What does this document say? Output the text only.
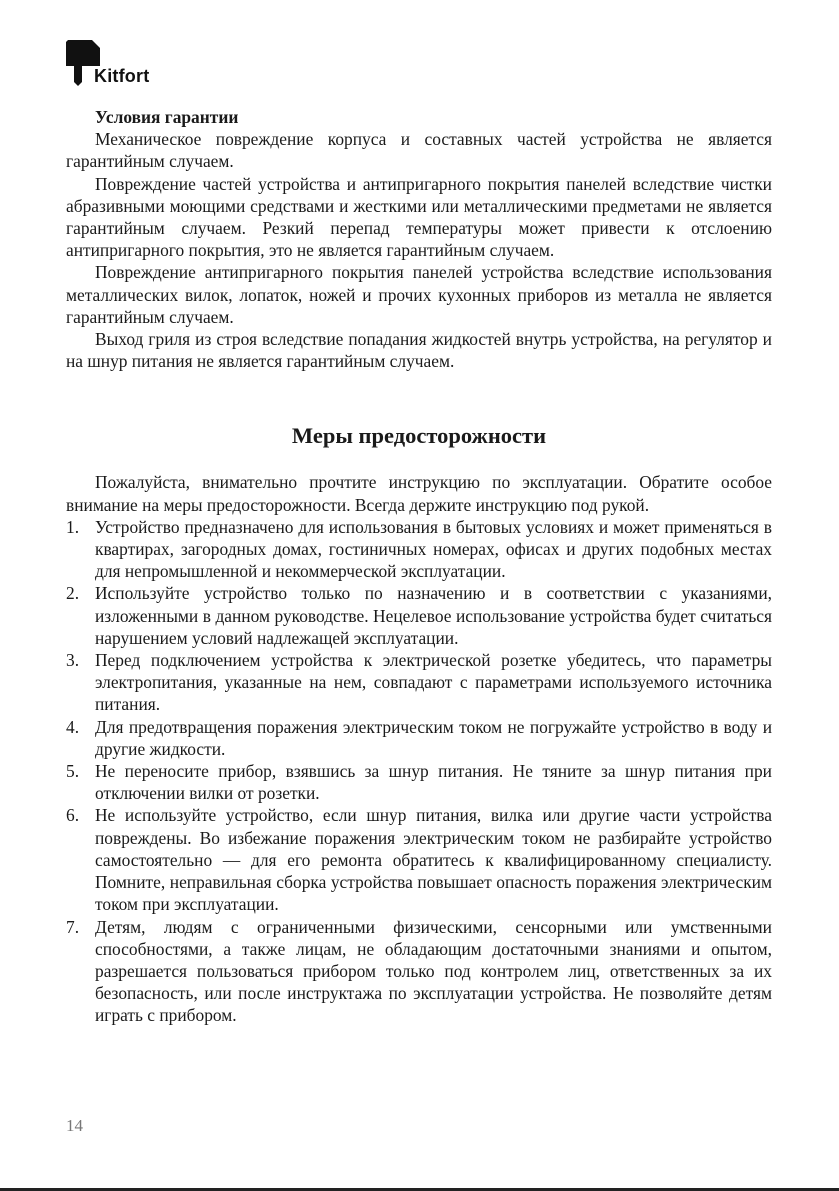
Kitfort

Условия гарантии

Механическое повреждение корпуса и составных частей устройства не является гарантийным случаем.

Повреждение частей устройства и антипригарного покрытия панелей вследствие чистки абразивными моющими средствами и жесткими или металлическими предметами не является гарантийным случаем. Резкий перепад температуры может привести к отслоению антипригарного покрытия, это не является гарантийным случаем.

Повреждение антипригарного покрытия панелей устройства вследствие использования металлических вилок, лопаток, ножей и прочих кухонных приборов из металла не является гарантийным случаем.

Выход гриля из строя вследствие попадания жидкостей внутрь устройства, на регулятор и на шнур питания не является гарантийным случаем.

Меры предосторожности

Пожалуйста, внимательно прочтите инструкцию по эксплуатации. Обратите особое внимание на меры предосторожности. Всегда держите инструкцию под рукой.

1. Устройство предназначено для использования в бытовых условиях и может применяться в квартирах, загородных домах, гостиничных номерах, офисах и других подобных местах для непромышленной и некоммерческой эксплуатации.
2. Используйте устройство только по назначению и в соответствии с указаниями, изложенными в данном руководстве. Нецелевое использование устройства будет считаться нарушением условий надлежащей эксплуатации.
3. Перед подключением устройства к электрической розетке убедитесь, что параметры электропитания, указанные на нем, совпадают с параметрами используемого источника питания.
4. Для предотвращения поражения электрическим током не погружайте устройство в воду и другие жидкости.
5. Не переносите прибор, взявшись за шнур питания. Не тяните за шнур питания при отключении вилки от розетки.
6. Не используйте устройство, если шнур питания, вилка или другие части устройства повреждены. Во избежание поражения электрическим током не разбирайте устройство самостоятельно — для его ремонта обратитесь к квалифицированному специалисту. Помните, неправильная сборка устройства повышает опасность поражения электрическим током при эксплуатации.
7. Детям, людям с ограниченными физическими, сенсорными или умственными способностями, а также лицам, не обладающим достаточными знаниями и опытом, разрешается пользоваться прибором только под контролем лиц, ответственных за их безопасность, или после инструктажа по эксплуатации устройства. Не позволяйте детям играть с прибором.
14
